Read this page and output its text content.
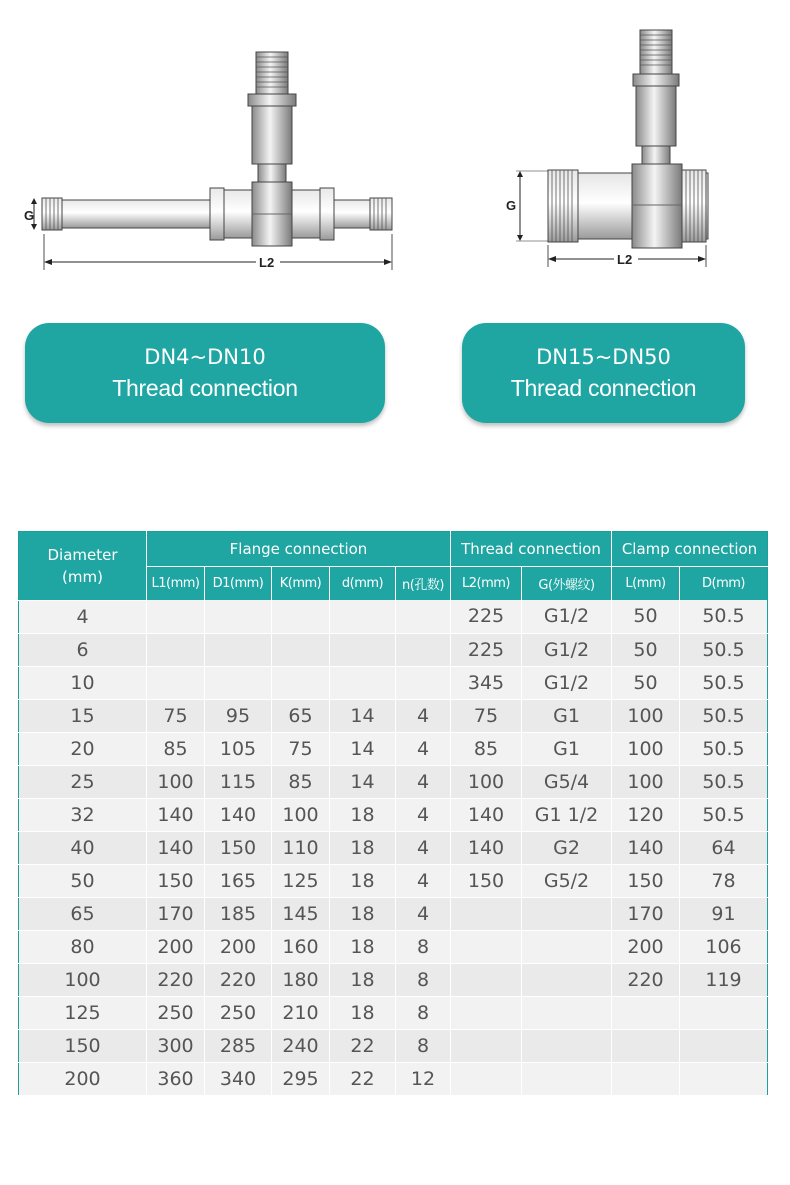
G
L2
G
L2
DN4~DN10
Thread connection
DN15~DN50
Thread connection
Diameter
(mm)	Flange connection					Thread connection		Clamp connection	
	L1(mm)	D1(mm)	K(mm)	d(mm)	n(孔数)	L2(mm)	G(外螺纹)	L(mm)	D(mm)
4						225	G1/2	50	50.5
6						225	G1/2	50	50.5
10						345	G1/2	50	50.5
15	75	95	65	14	4	75	G1	100	50.5
20	85	105	75	14	4	85	G1	100	50.5
25	100	115	85	14	4	100	G5/4	100	50.5
32	140	140	100	18	4	140	G1 1/2	120	50.5
40	140	150	110	18	4	140	G2	140	64
50	150	165	125	18	4	150	G5/2	150	78
65	170	185	145	18	4			170	91
80	200	200	160	18	8			200	106
100	220	220	180	18	8			220	119
125	250	250	210	18	8				
150	300	285	240	22	8				
200	360	340	295	22	12				
